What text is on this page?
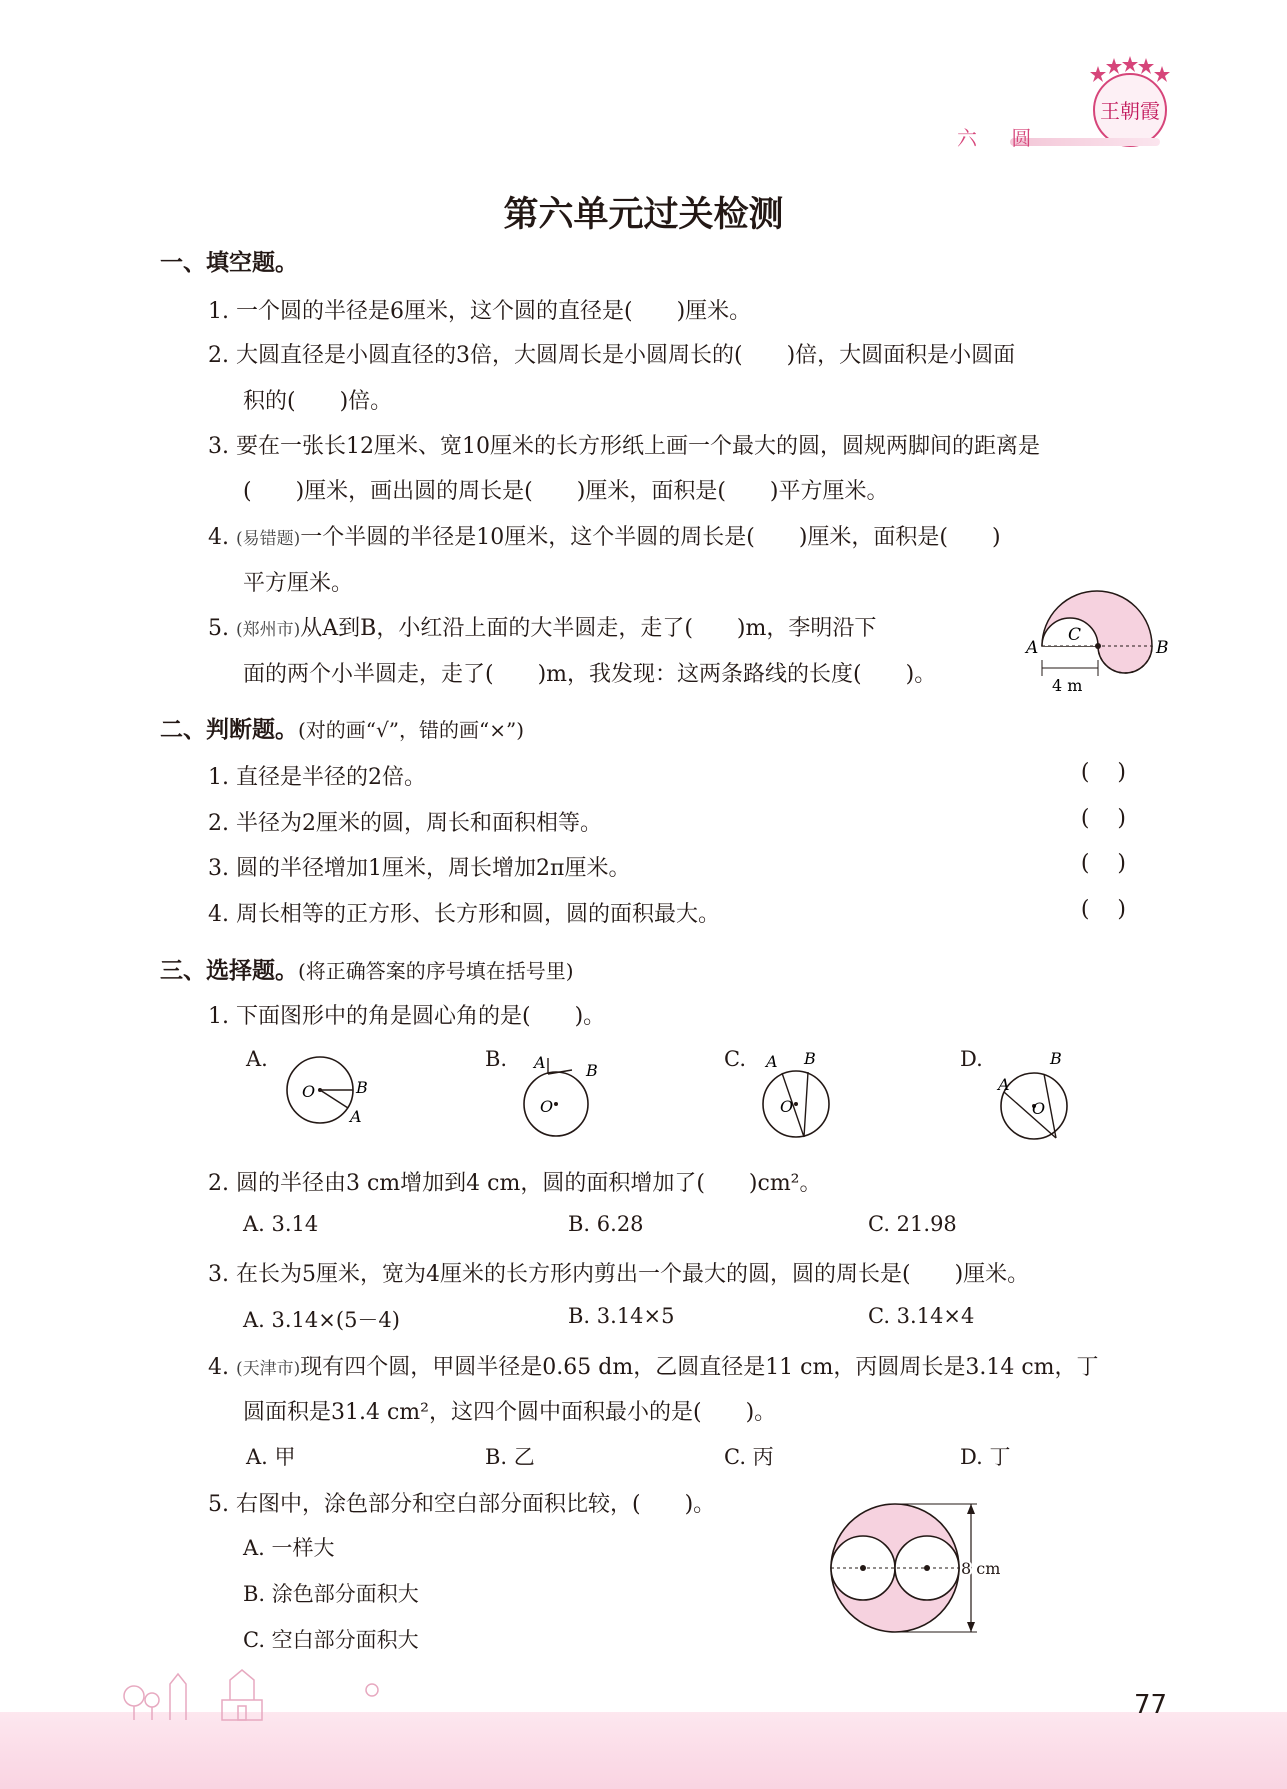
王朝霞
六 圆
第六单元过关检测
一、填空题。
1. 一个圆的半径是6厘米，这个圆的直径是(　　)厘米。
2. 大圆直径是小圆直径的3倍，大圆周长是小圆周长的(　　)倍，大圆面积是小圆面
积的(　　)倍。
3. 要在一张长12厘米、宽10厘米的长方形纸上画一个最大的圆，圆规两脚间的距离是
(　　)厘米，画出圆的周长是(　　)厘米，面积是(　　)平方厘米。
4. (易错题)一个半圆的半径是10厘米，这个半圆的周长是(　　)厘米，面积是(　　)
平方厘米。
5. (郑州市)从A到B，小红沿上面的大半圆走，走了(　　)m，李明沿下
面的两个小半圆走，走了(　　)m，我发现：这两条路线的长度(　　)。
A	B
C
4 m
二、判断题。(对的画“√”，错的画“×”)
1. 直径是半径的2倍。	()
2. 半径为2厘米的圆，周长和面积相等。	()
3. 圆的半径增加1厘米，周长增加2π厘米。	()
4. 周长相等的正方形、长方形和圆，圆的面积最大。	()
三、选择题。(将正确答案的序号填在括号里)
1. 下面图形中的角是圆心角的是(　　)。
A.	B.	C.	D.
O	B
A
A	B
O
A B
O
A
B
O
2. 圆的半径由3 cm增加到4 cm，圆的面积增加了(　　)cm²。
A. 3.14	B. 6.28	C. 21.98
3. 在长为5厘米，宽为4厘米的长方形内剪出一个最大的圆，圆的周长是(　　)厘米。
A. 3.14×(5－4)	B. 3.14×5	C. 3.14×4
4. (天津市)现有四个圆，甲圆半径是0.65 dm，乙圆直径是11 cm，丙圆周长是3.14 cm，丁
圆面积是31.4 cm²，这四个圆中面积最小的是(　　)。
A. 甲	B. 乙	C. 丙	D. 丁
5. 右图中，涂色部分和空白部分面积比较，(　　)。
A. 一样大
B. 涂色部分面积大
C. 空白部分面积大
8 cm
77
